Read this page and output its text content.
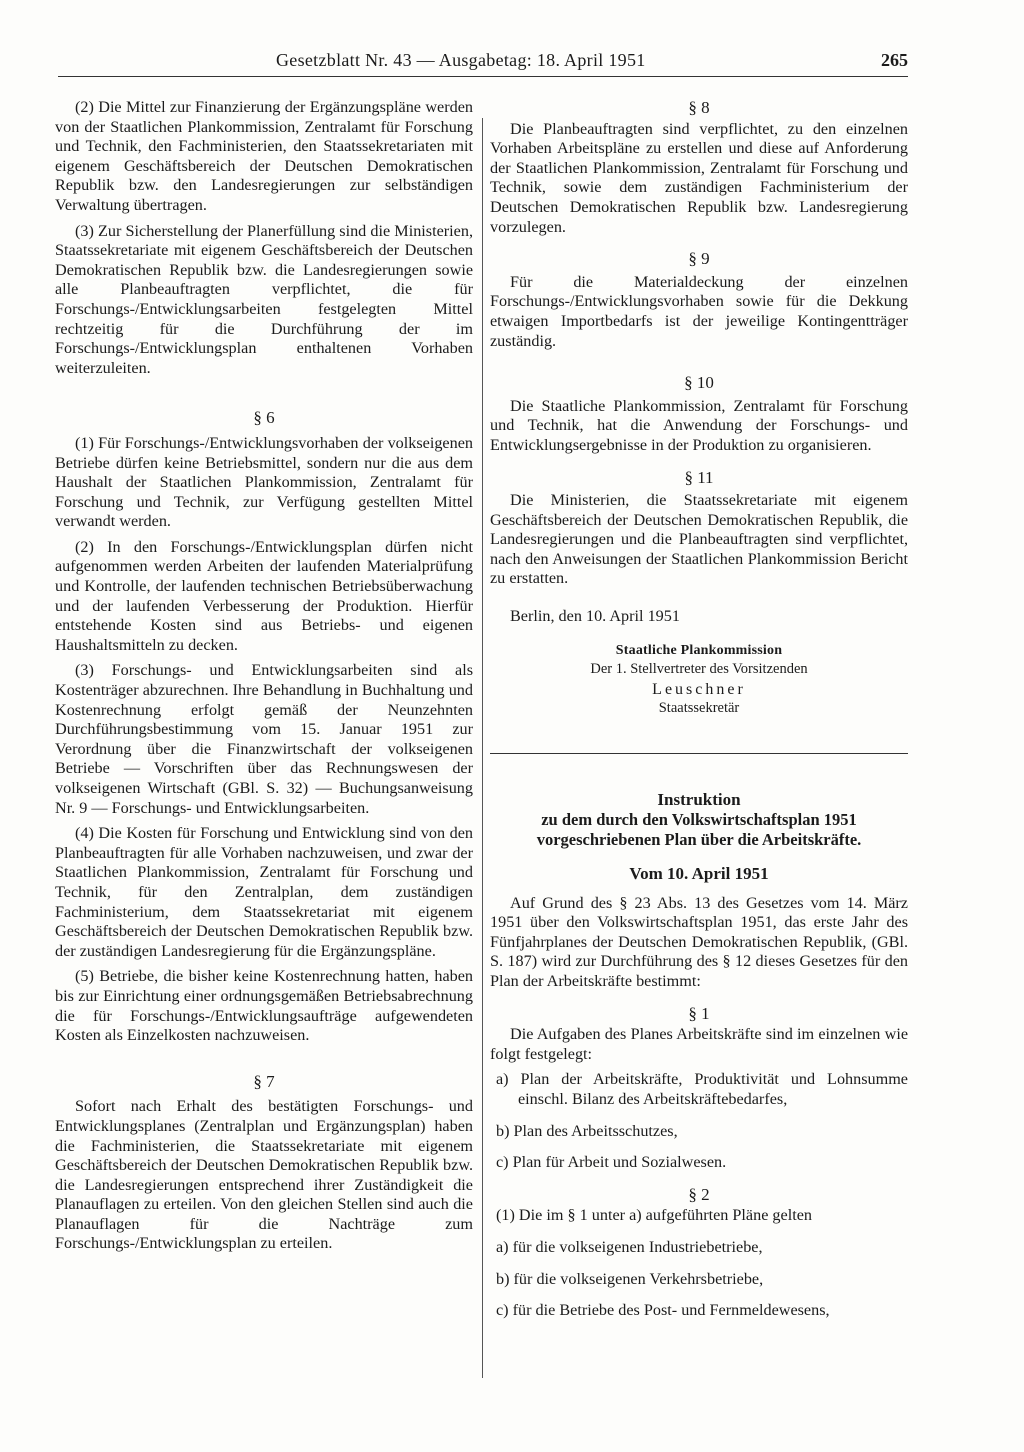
Gesetzblatt Nr. 43 — Ausgabetag: 18. April 1951	265

(2) Die Mittel zur Finanzierung der Ergänzungspläne werden von der Staatlichen Plankommission, Zentralamt für Forschung und Technik, den Fachministerien, den Staatssekretariaten mit eigenem Geschäftsbereich der Deutschen Demokratischen Republik bzw. den Landesregierungen zur selbständigen Verwaltung übertragen.

(3) Zur Sicherstellung der Planerfüllung sind die Ministerien, Staatssekretariate mit eigenem Geschäftsbereich der Deutschen Demokratischen Republik bzw. die Landesregierungen sowie alle Planbeauftragten verpflichtet, die für Forschungs-/Entwicklungsarbeiten festgelegten Mittel rechtzeitig für die Durchführung der im Forschungs-/Entwicklungsplan enthaltenen Vorhaben weiterzuleiten.

§ 6

(1) Für Forschungs-/Entwicklungsvorhaben der volkseigenen Betriebe dürfen keine Betriebsmittel, sondern nur die aus dem Haushalt der Staatlichen Plankommission, Zentralamt für Forschung und Technik, zur Verfügung gestellten Mittel verwandt werden.

(2) In den Forschungs-/Entwicklungsplan dürfen nicht aufgenommen werden Arbeiten der laufenden Materialprüfung und Kontrolle, der laufenden technischen Betriebsüberwachung und der laufenden Verbesserung der Produktion. Hierfür entstehende Kosten sind aus Betriebs- und eigenen Haushaltsmitteln zu decken.

(3) Forschungs- und Entwicklungsarbeiten sind als Kostenträger abzurechnen. Ihre Behandlung in Buchhaltung und Kostenrechnung erfolgt gemäß der Neunzehnten Durchführungsbestimmung vom 15. Januar 1951 zur Verordnung über die Finanzwirtschaft der volkseigenen Betriebe — Vorschriften über das Rechnungswesen der volkseigenen Wirtschaft (GBl. S. 32) — Buchungsanweisung Nr. 9 — Forschungs- und Entwicklungsarbeiten.

(4) Die Kosten für Forschung und Entwicklung sind von den Planbeauftragten für alle Vorhaben nachzuweisen, und zwar der Staatlichen Plankommission, Zentralamt für Forschung und Technik, für den Zentralplan, dem zuständigen Fachministerium, dem Staatssekretariat mit eigenem Geschäftsbereich der Deutschen Demokratischen Republik bzw. der zuständigen Landesregierung für die Ergänzungspläne.

(5) Betriebe, die bisher keine Kostenrechnung hatten, haben bis zur Einrichtung einer ordnungsgemäßen Betriebsabrechnung die für Forschungs-/Entwicklungsaufträge aufgewendeten Kosten als Einzelkosten nachzuweisen.

§ 7

Sofort nach Erhalt des bestätigten Forschungs- und Entwicklungsplanes (Zentralplan und Ergänzungsplan) haben die Fachministerien, die Staatssekretariate mit eigenem Geschäftsbereich der Deutschen Demokratischen Republik bzw. die Landesregierungen entsprechend ihrer Zuständigkeit die Planauflagen zu erteilen. Von den gleichen Stellen sind auch die Planauflagen für die Nachträge zum Forschungs-/Entwicklungsplan zu erteilen.

§ 8

Die Planbeauftragten sind verpflichtet, zu den einzelnen Vorhaben Arbeitspläne zu erstellen und diese auf Anforderung der Staatlichen Plankommission, Zentralamt für Forschung und Technik, sowie dem zuständigen Fachministerium der Deutschen Demokratischen Republik bzw. Landesregierung vorzulegen.

§ 9

Für die Materialdeckung der einzelnen Forschungs-/Entwicklungsvorhaben sowie für die Dekkung etwaigen Importbedarfs ist der jeweilige Kontingentträger zuständig.

§ 10

Die Staatliche Plankommission, Zentralamt für Forschung und Technik, hat die Anwendung der Forschungs- und Entwicklungsergebnisse in der Produktion zu organisieren.

§ 11

Die Ministerien, die Staatssekretariate mit eigenem Geschäftsbereich der Deutschen Demokratischen Republik, die Landesregierungen und die Planbeauftragten sind verpflichtet, nach den Anweisungen der Staatlichen Plankommission Bericht zu erstatten.

Berlin, den 10. April 1951

Staatliche Plankommission
Der 1. Stellvertreter des Vorsitzenden
Leuschner
Staatssekretär
Instruktion
zu dem durch den Volkswirtschaftsplan 1951
vorgeschriebenen Plan über die Arbeitskräfte.
Vom 10. April 1951

Auf Grund des § 23 Abs. 13 des Gesetzes vom 14. März 1951 über den Volkswirtschaftsplan 1951, das erste Jahr des Fünfjahrplanes der Deutschen Demokratischen Republik, (GBl. S. 187) wird zur Durchführung des § 12 dieses Gesetzes für den Plan der Arbeitskräfte bestimmt:

§ 1

Die Aufgaben des Planes Arbeitskräfte sind im einzelnen wie folgt festgelegt:

a) Plan der Arbeitskräfte, Produktivität und Lohnsumme einschl. Bilanz des Arbeitskräftebedarfes,
b) Plan des Arbeitsschutzes,
c) Plan für Arbeit und Sozialwesen.
§ 2

(1) Die im § 1 unter a) aufgeführten Pläne gelten

a) für die volkseigenen Industriebetriebe,
b) für die volkseigenen Verkehrsbetriebe,
c) für die Betriebe des Post- und Fernmeldewesens,
